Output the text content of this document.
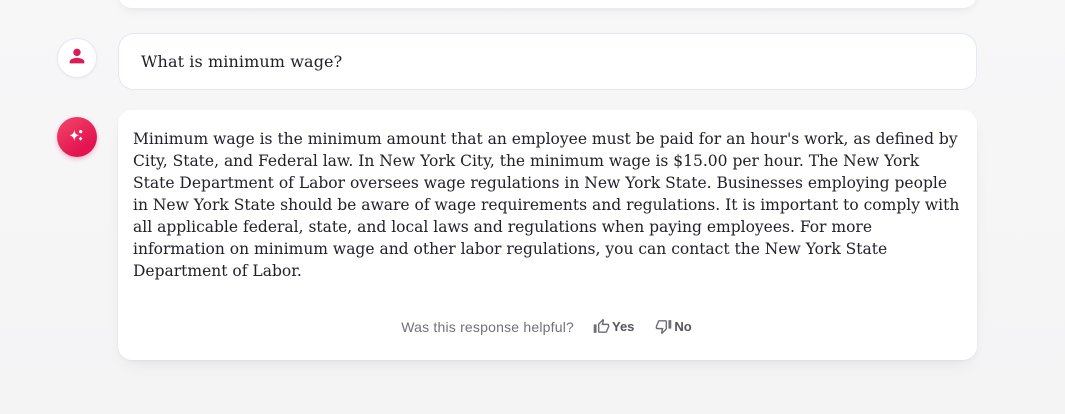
What is minimum wage?

Minimum wage is the minimum amount that an employee must be paid for an hour's work, as defined by City, State, and Federal law. In New York City, the minimum wage is $15.00 per hour. The New York State Department of Labor oversees wage regulations in New York State. Businesses employing people in New York State should be aware of wage requirements and regulations. It is important to comply with all applicable federal, state, and local laws and regulations when paying employees. For more information on minimum wage and other labor regulations, you can contact the New York State Department of Labor.

Was this response helpful?	Yes	No
